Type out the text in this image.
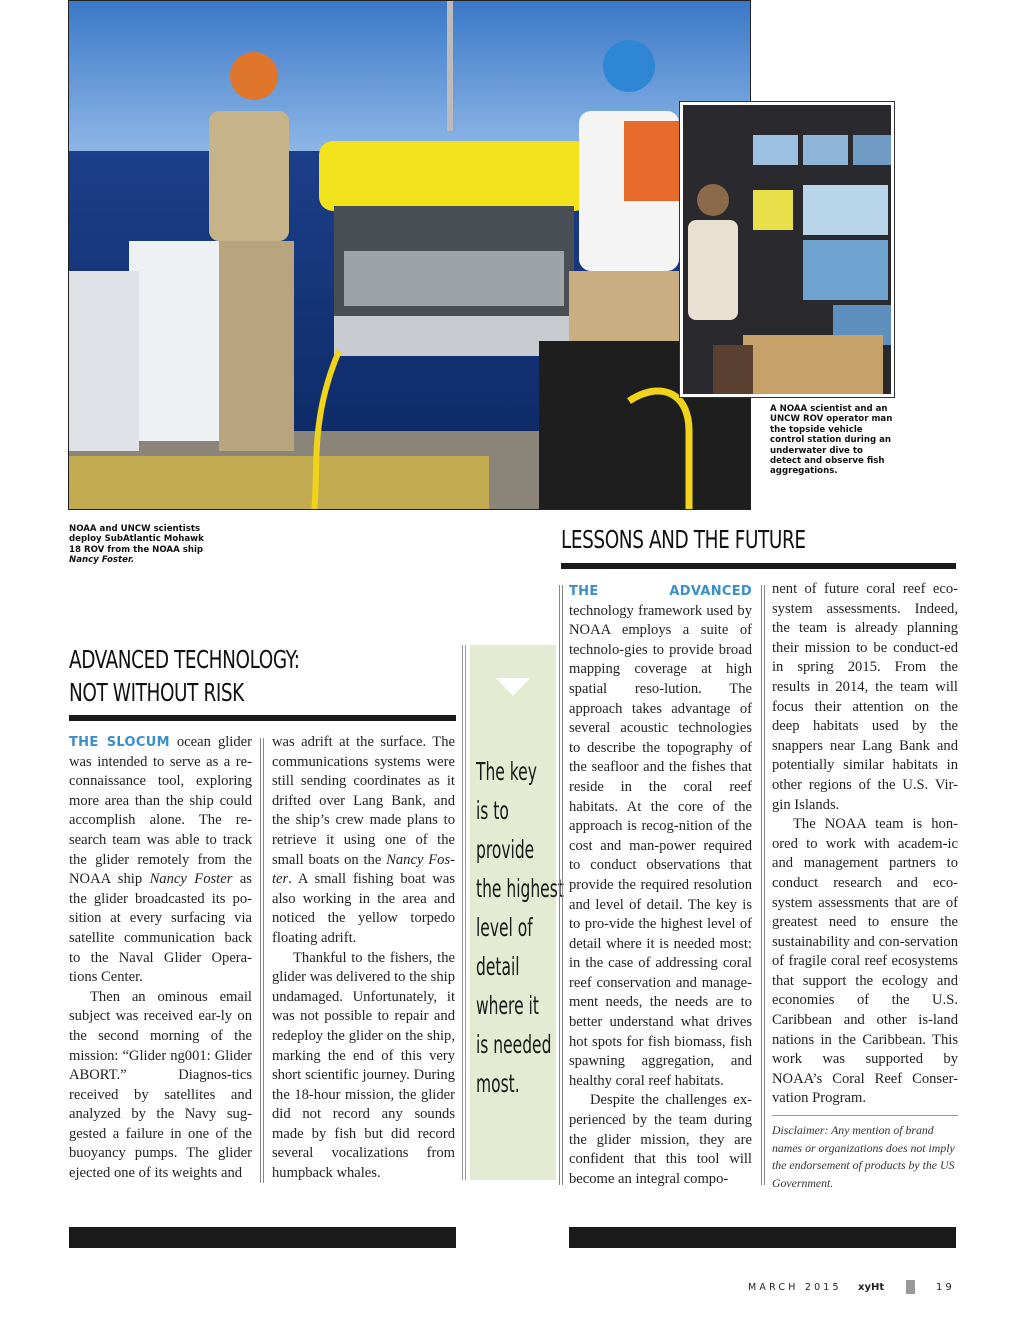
A NOAA scientist and an UNCW ROV operator man the topside vehicle control station during an underwater dive to detect and observe fish aggregations.
NOAA and UNCW scientists deploy SubAtlantic Mohawk 18 ROV from the NOAA ship Nancy Foster.
LESSONS AND THE FUTURE
ADVANCED TECHNOLOGY:
NOT WITHOUT RISK

THE SLOCUM ocean glider was intended to serve as a re-connaissance tool, exploring more area than the ship could accomplish alone. The re-search team was able to track the glider remotely from the NOAA ship Nancy Foster as the glider broadcasted its po-sition at every surfacing via satellite communication back to the Naval Glider Opera-tions Center.

Then an ominous email subject was received ear-ly on the second morning of the mission: “Glider ng001: Glider ABORT.” Diagnos-tics received by satellites and analyzed by the Navy sug-gested a failure in one of the buoyancy pumps. The glider ejected one of its weights and

was adrift at the surface. The communications systems were still sending coordinates as it drifted over Lang Bank, and the ship’s crew made plans to retrieve it using one of the small boats on the Nancy Fos-ter. A small fishing boat was also working in the area and noticed the yellow torpedo floating adrift.

Thankful to the fishers, the glider was delivered to the ship undamaged. Unfortunately, it was not possible to repair and redeploy the glider on the ship, marking the end of this very short scientific journey. During the 18-hour mission, the glider did not record any sounds made by fish but did record several vocalizations from humpback whales.

The key
is to
provide
the highest
level of
detail
where it
is needed
most.

THE ADVANCED technology framework used by NOAA employs a suite of technolo-gies to provide broad mapping coverage at high spatial reso-lution. The approach takes advantage of several acoustic technologies to describe the topography of the seafloor and the fishes that reside in the coral reef habitats. At the core of the approach is recog-nition of the cost and man-power required to conduct observations that provide the required resolution and level of detail. The key is to pro-vide the highest level of detail where it is needed most: in the case of addressing coral reef conservation and manage-ment needs, the needs are to better understand what drives hot spots for fish biomass, fish spawning aggregation, and healthy coral reef habitats.

Despite the challenges ex-perienced by the team during the glider mission, they are confident that this tool will become an integral compo-

nent of future coral reef eco-system assessments. Indeed, the team is already planning their mission to be conduct-ed in spring 2015. From the results in 2014, the team will focus their attention on the deep habitats used by the snappers near Lang Bank and potentially similar habitats in other regions of the U.S. Vir-gin Islands.

The NOAA team is hon-ored to work with academ-ic and management partners to conduct research and eco-system assessments that are of greatest need to ensure the sustainability and con-servation of fragile coral reef ecosystems that support the ecology and economies of the U.S. Caribbean and other is-land nations in the Caribbean. This work was supported by NOAA’s Coral Reef Conser-vation Program.

Disclaimer: Any mention of brand names or organizations does not imply the endorsement of products by the US Government.
MARCH 2015 xyHt	19
